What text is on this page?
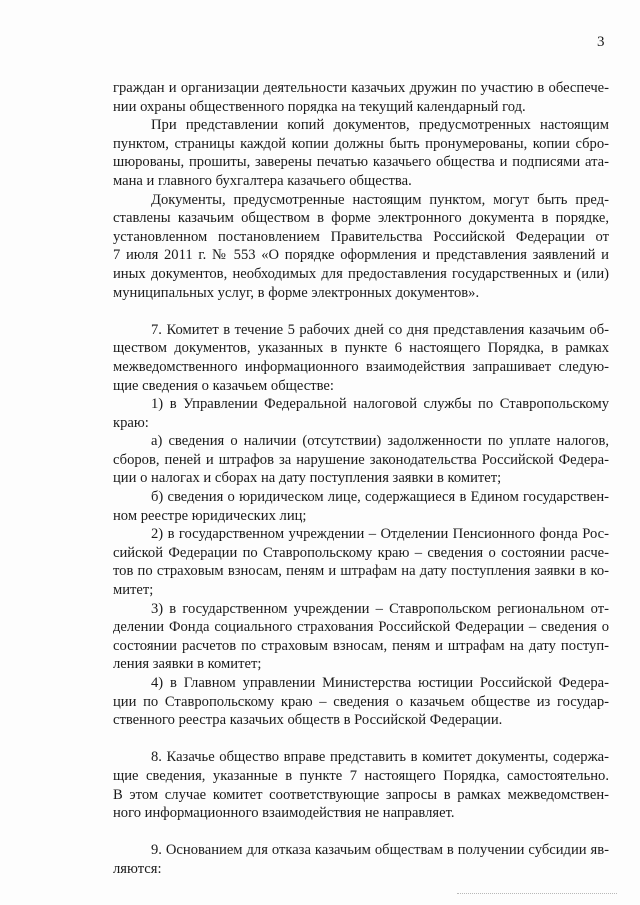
3
граждан и организации деятельности казачьих дружин по участию в обеспече-
нии охраны общественного порядка на текущий календарный год.
При представлении копий документов, предусмотренных настоящим
пунктом, страницы каждой копии должны быть пронумерованы, копии сбро-
шюрованы, прошиты, заверены печатью казачьего общества и подписями ата-
мана и главного бухгалтера казачьего общества.
Документы, предусмотренные настоящим пунктом, могут быть пред-
ставлены казачьим обществом в форме электронного документа в порядке,
установленном постановлением Правительства Российской Федерации от
7 июля 2011 г. № 553 «О порядке оформления и представления заявлений и
иных документов, необходимых для предоставления государственных и (или)
муниципальных услуг, в форме электронных документов».
7. Комитет в течение 5 рабочих дней со дня представления казачьим об-
ществом документов, указанных в пункте 6 настоящего Порядка, в рамках
межведомственного информационного взаимодействия запрашивает следую-
щие сведения о казачьем обществе:
1) в Управлении Федеральной налоговой службы по Ставропольскому
краю:
а) сведения о наличии (отсутствии) задолженности по уплате налогов,
сборов, пеней и штрафов за нарушение законодательства Российской Федера-
ции о налогах и сборах на дату поступления заявки в комитет;
б) сведения о юридическом лице, содержащиеся в Едином государствен-
ном реестре юридических лиц;
2) в государственном учреждении – Отделении Пенсионного фонда Рос-
сийской Федерации по Ставропольскому краю – сведения о состоянии расче-
тов по страховым взносам, пеням и штрафам на дату поступления заявки в ко-
митет;
3) в государственном учреждении – Ставропольском региональном от-
делении Фонда социального страхования Российской Федерации – сведения о
состоянии расчетов по страховым взносам, пеням и штрафам на дату поступ-
ления заявки в комитет;
4) в Главном управлении Министерства юстиции Российской Федера-
ции по Ставропольскому краю – сведения о казачьем обществе из государ-
ственного реестра казачьих обществ в Российской Федерации.
8. Казачье общество вправе представить в комитет документы, содержа-
щие сведения, указанные в пункте 7 настоящего Порядка, самостоятельно.
В этом случае комитет соответствующие запросы в рамках межведомствен-
ного информационного взаимодействия не направляет.
9. Основанием для отказа казачьим обществам в получении субсидии яв-
ляются:
